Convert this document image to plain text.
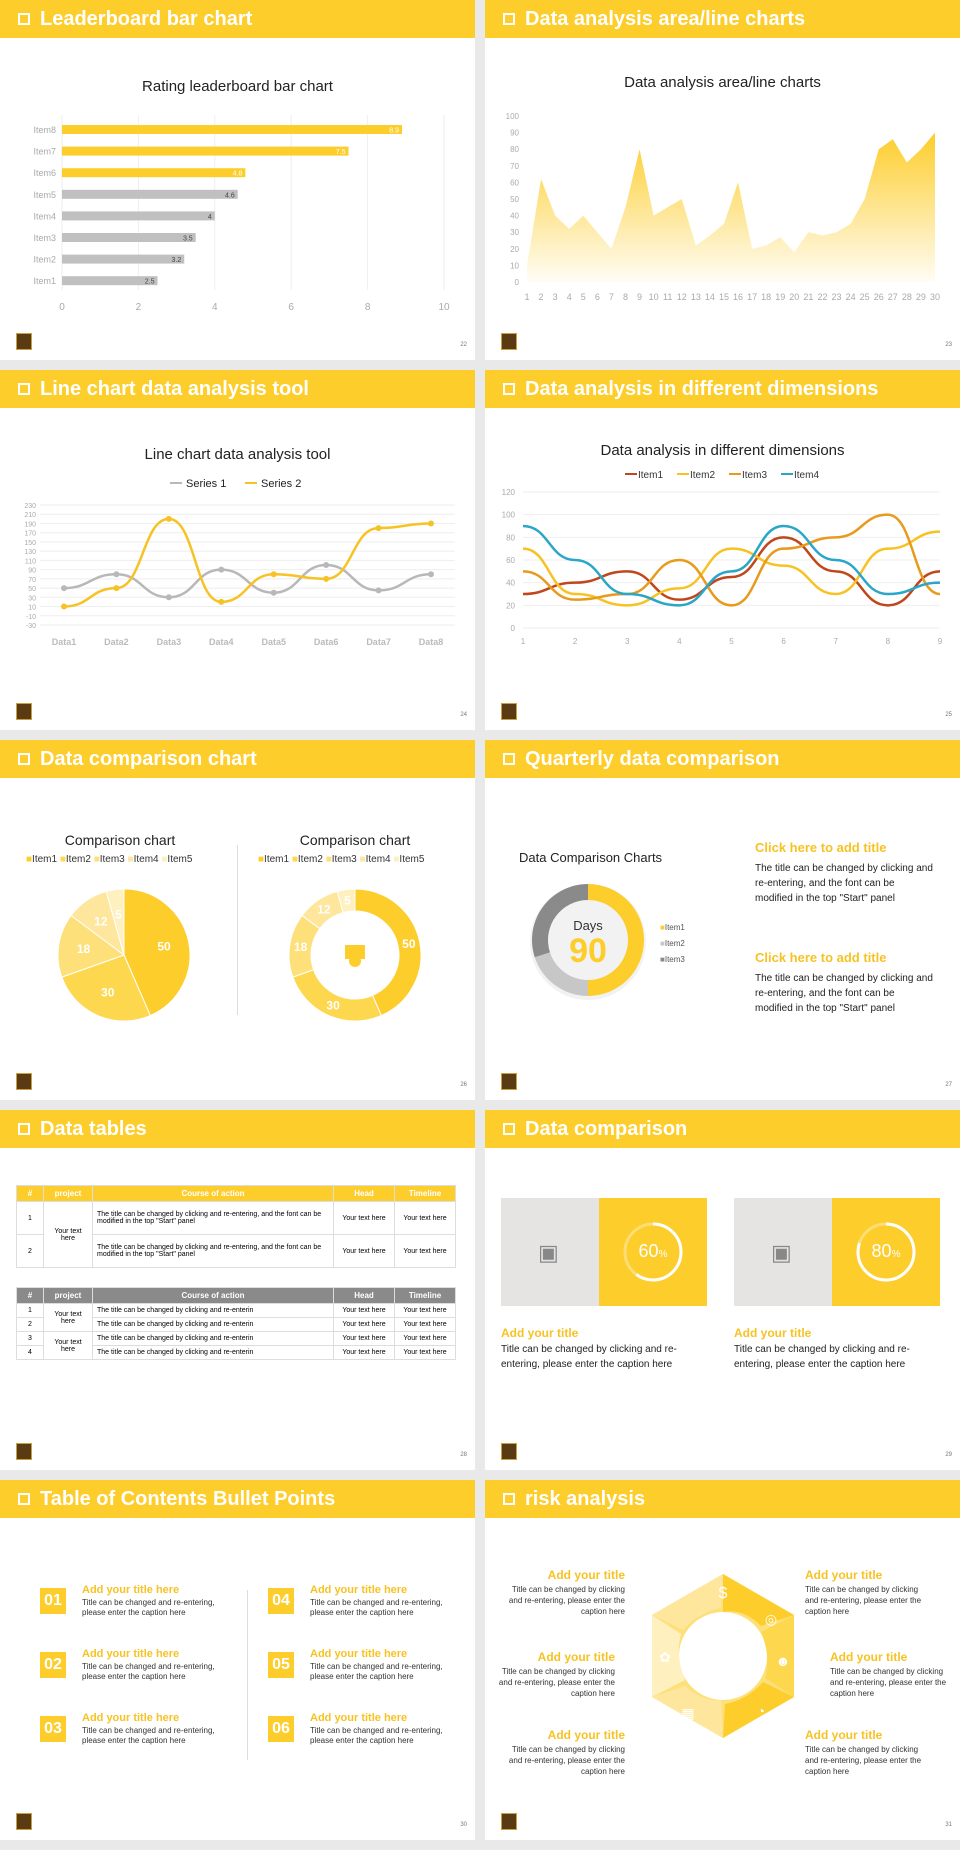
Leaderboard bar chart
Rating leaderboard bar chart
0	2	4	6	8	10
Item8	8.9
Item7	7.5
Item6	4.8
Item5	4.6
Item4	4
Item3	3.5
Item2	3.2
Item1	2.5
22
Data analysis area/line charts
Data analysis area/line charts
0
10
20
30
40
50
60
70
80
90
100
1 2 3 4 5 6 7 8 9 10 11 12 13 14 15 16 17 18 19 20 21 22 23 24 25 26 27 28 29 30
23
Line chart data analysis tool
Line chart data analysis tool
230
210
190
170
150
130
110
90
70
50
30
10
-10
-30
Data1	Data2	Data3	Data4	Data5	Data6	Data7	Data8
Series 1	Series 2
24
Data analysis in different dimensions
Data analysis in different dimensions
0
20
40
60
80
100
120
1	2	3	4	5	6	7	8	9
Item1	Item2	Item3	Item4
25
Data comparison chart
Comparison chart	Comparison chart
■Item1 ■Item2 ■Item3 ■Item4 ■Item5	■Item1 ■Item2 ■Item3 ■Item4 ■Item5
50
30
18
12 5
50
30
18
12
5
26
Quarterly data comparison
Data Comparison Charts
Days
90
■Item1
■Item2
■Item3
Click here to add title
The title can be changed by clicking and re-entering, and the font can be modified in the top "Start" panel
Click here to add title
The title can be changed by clicking and re-entering, and the font can be modified in the top "Start" panel
27
Data tables
#	project	Course of action	Head	Timeline
1	Your text here	The title can be changed by clicking and re-entering, and the font can be modified in the top "Start" panel	Your text here	Your text here
2		The title can be changed by clicking and re-entering, and the font can be modified in the top "Start" panel	Your text here	Your text here
#	project	Course of action	Head	Timeline
1	Your text here	The title can be changed by clicking and re-enterin	Your text here	Your text here
2		The title can be changed by clicking and re-enterin	Your text here	Your text here
3	Your text here	The title can be changed by clicking and re-enterin	Your text here	Your text here
4		The title can be changed by clicking and re-enterin	Your text here	Your text here
28
Data comparison
29
▣	60%
Add your title
Title can be changed by clicking and re-entering, please enter the caption here
▣	80%
Add your title
Title can be changed by clicking and re-entering, please enter the caption here
Table of Contents Bullet Points
30
01
Add your title here
Title can be changed and re-entering, please enter the caption here
02
Add your title here
Title can be changed and re-entering, please enter the caption here
03
Add your title here
Title can be changed and re-entering, please enter the caption here
04
Add your title here
Title can be changed and re-entering, please enter the caption here
05
Add your title here
Title can be changed and re-entering, please enter the caption here
06
Add your title here
Title can be changed and re-entering, please enter the caption here
risk analysis
$
◎
☻
◔
▦
✿
31
Add your title
Title can be changed by clicking and re-entering, please enter the caption here
Add your title
Title can be changed by clicking and re-entering, please enter the caption here
Add your title
Title can be changed by clicking and re-entering, please enter the caption here
Add your title
Title can be changed by clicking and re-entering, please enter the caption here
Add your title
Title can be changed by clicking and re-entering, please enter the caption here
Add your title
Title can be changed by clicking and re-entering, please enter the caption here
